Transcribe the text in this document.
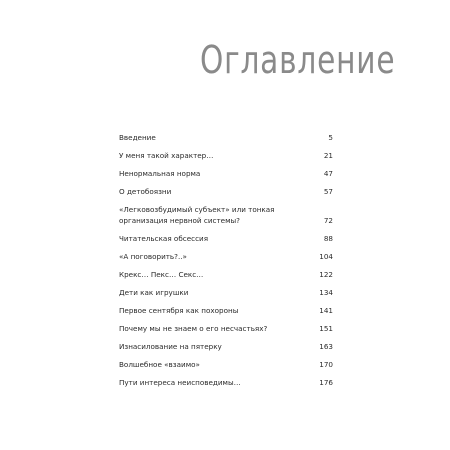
Оглавление
Введение	5
У меня такой характер…	21
Ненормальная норма	47
О детобоязни	57
«Легковозбудимый субъект» или тонкая организация нервной системы?	72
Читательская обсессия	88
«А поговорить?..»	104
Крекс… Пекс… Секс…	122
Дети как игрушки	134
Первое сентября как похороны	141
Почему мы не знаем о его несчастьях?	151
Изнасилование на пятерку	163
Волшебное «взаимо»	170
Пути интереса неисповедимы…	176
